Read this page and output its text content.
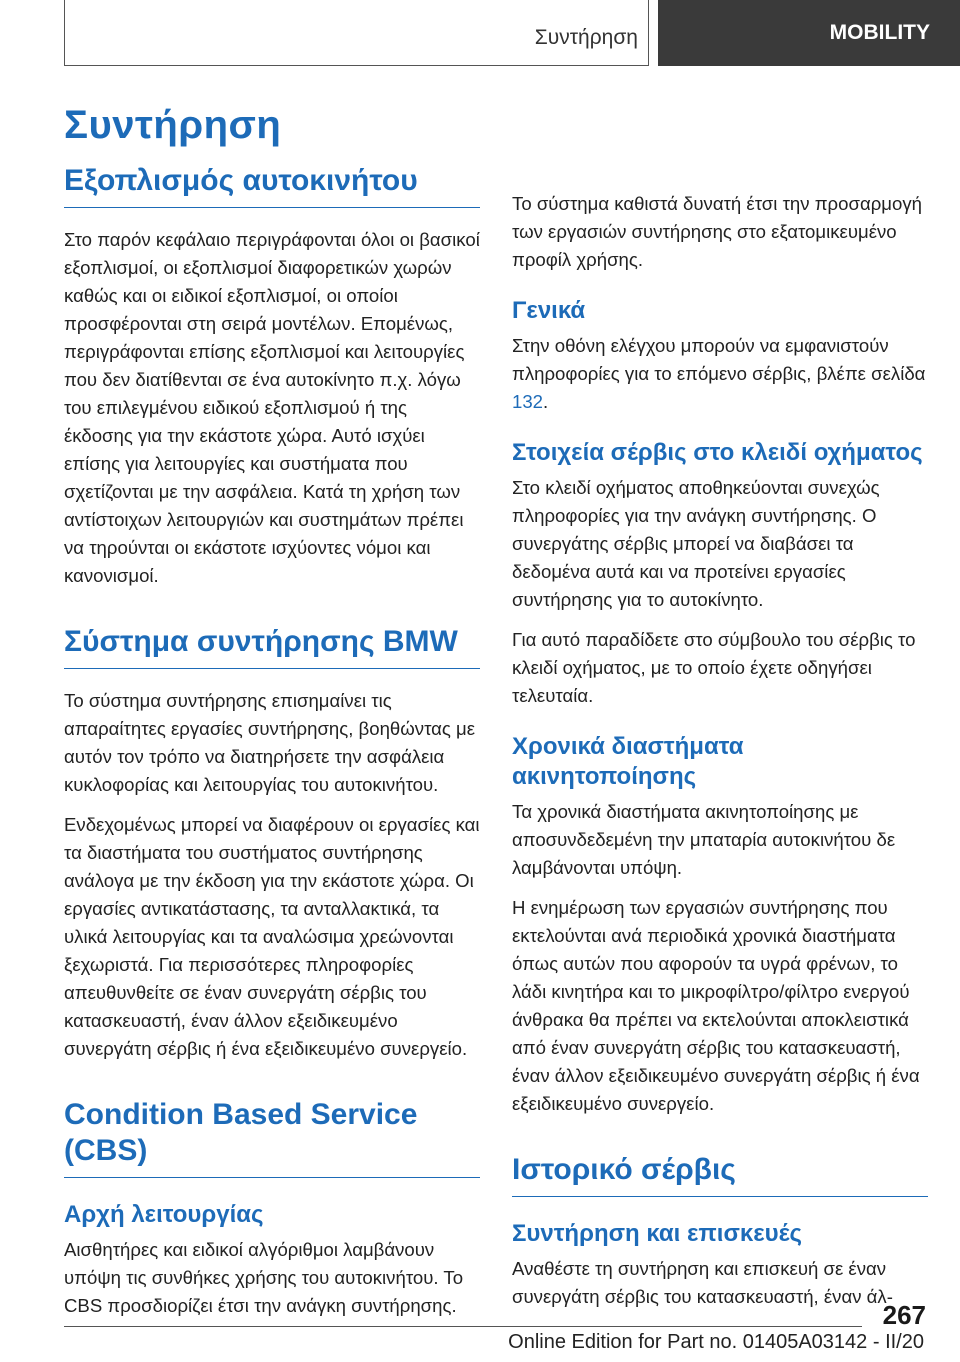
Συντήρηση	MOBILITY
Συντήρηση
Εξοπλισμός αυτοκινήτου

Στο παρόν κεφάλαιο περιγράφονται όλοι οι βασικοί εξοπλισμοί, οι εξοπλισμοί διαφορετικών χωρών καθώς και οι ειδικοί εξοπλισμοί, οι οποίοι προσφέρονται στη σειρά μοντέλων. Επομένως, περιγράφονται επίσης εξοπλισμοί και λειτουργίες που δεν διατίθενται σε ένα αυτοκίνητο π.χ. λόγω του επιλεγμένου ειδικού εξοπλισμού ή της έκδοσης για την εκάστοτε χώρα. Αυτό ισχύει επίσης για λειτουργίες και συστήματα που σχετίζονται με την ασφάλεια. Κατά τη χρήση των αντίστοιχων λειτουργιών και συστημάτων πρέπει να τηρούνται οι εκάστοτε ισχύοντες νόμοι και κανονισμοί.

Σύστημα συντήρησης BMW

Το σύστημα συντήρησης επισημαίνει τις απαραίτητες εργασίες συντήρησης, βοηθώντας με αυτόν τον τρόπο να διατηρήσετε την ασφάλεια κυκλοφορίας και λειτουργίας του αυτοκινήτου.

Ενδεχομένως μπορεί να διαφέρουν οι εργασίες και τα διαστήματα του συστήματος συντήρησης ανάλογα με την έκδοση για την εκάστοτε χώρα. Οι εργασίες αντικατάστασης, τα ανταλλακτικά, τα υλικά λειτουργίας και τα αναλώσιμα χρεώνονται ξεχωριστά. Για περισσότερες πληροφορίες απευθυνθείτε σε έναν συνεργάτη σέρβις του κατασκευαστή, έναν άλλον εξειδικευμένο συνεργάτη σέρβις ή ένα εξειδικευμένο συνεργείο.

Condition Based Service (CBS)
Αρχή λειτουργίας

Αισθητήρες και ειδικοί αλγόριθμοι λαμβάνουν υπόψη τις συνθήκες χρήσης του αυτοκινήτου. Το CBS προσδιορίζει έτσι την ανάγκη συντήρησης.

Το σύστημα καθιστά δυνατή έτσι την προσαρμογή των εργασιών συντήρησης στο εξατομικευμένο προφίλ χρήσης.

Γενικά

Στην οθόνη ελέγχου μπορούν να εμφανιστούν πληροφορίες για το επόμενο σέρβις, βλέπε σελίδα 132.

Στοιχεία σέρβις στο κλειδί οχήματος

Στο κλειδί οχήματος αποθηκεύονται συνεχώς πληροφορίες για την ανάγκη συντήρησης. Ο συνεργάτης σέρβις μπορεί να διαβάσει τα δεδομένα αυτά και να προτείνει εργασίες συντήρησης για το αυτοκίνητο.

Για αυτό παραδίδετε στο σύμβουλο του σέρβις το κλειδί οχήματος, με το οποίο έχετε οδηγήσει τελευταία.

Χρονικά διαστήματα ακινητοποίησης

Τα χρονικά διαστήματα ακινητοποίησης με αποσυνδεδεμένη την μπαταρία αυτοκινήτου δε λαμβάνονται υπόψη.

Η ενημέρωση των εργασιών συντήρησης που εκτελούνται ανά περιοδικά χρονικά διαστήματα όπως αυτών που αφορούν τα υγρά φρένων, το λάδι κινητήρα και το μικροφίλτρο/φίλτρο ενεργού άνθρακα θα πρέπει να εκτελούνται αποκλειστικά από έναν συνεργάτη σέρβις του κατασκευαστή, έναν άλλον εξειδικευμένο συνεργάτη σέρβις ή ένα εξειδικευμένο συνεργείο.

Ιστορικό σέρβις
Συντήρηση και επισκευές

Αναθέστε τη συντήρηση και επισκευή σε έναν συνεργάτη σέρβις του κατασκευαστή, έναν άλ-

267
Online Edition for Part no. 01405A03142 - II/20
